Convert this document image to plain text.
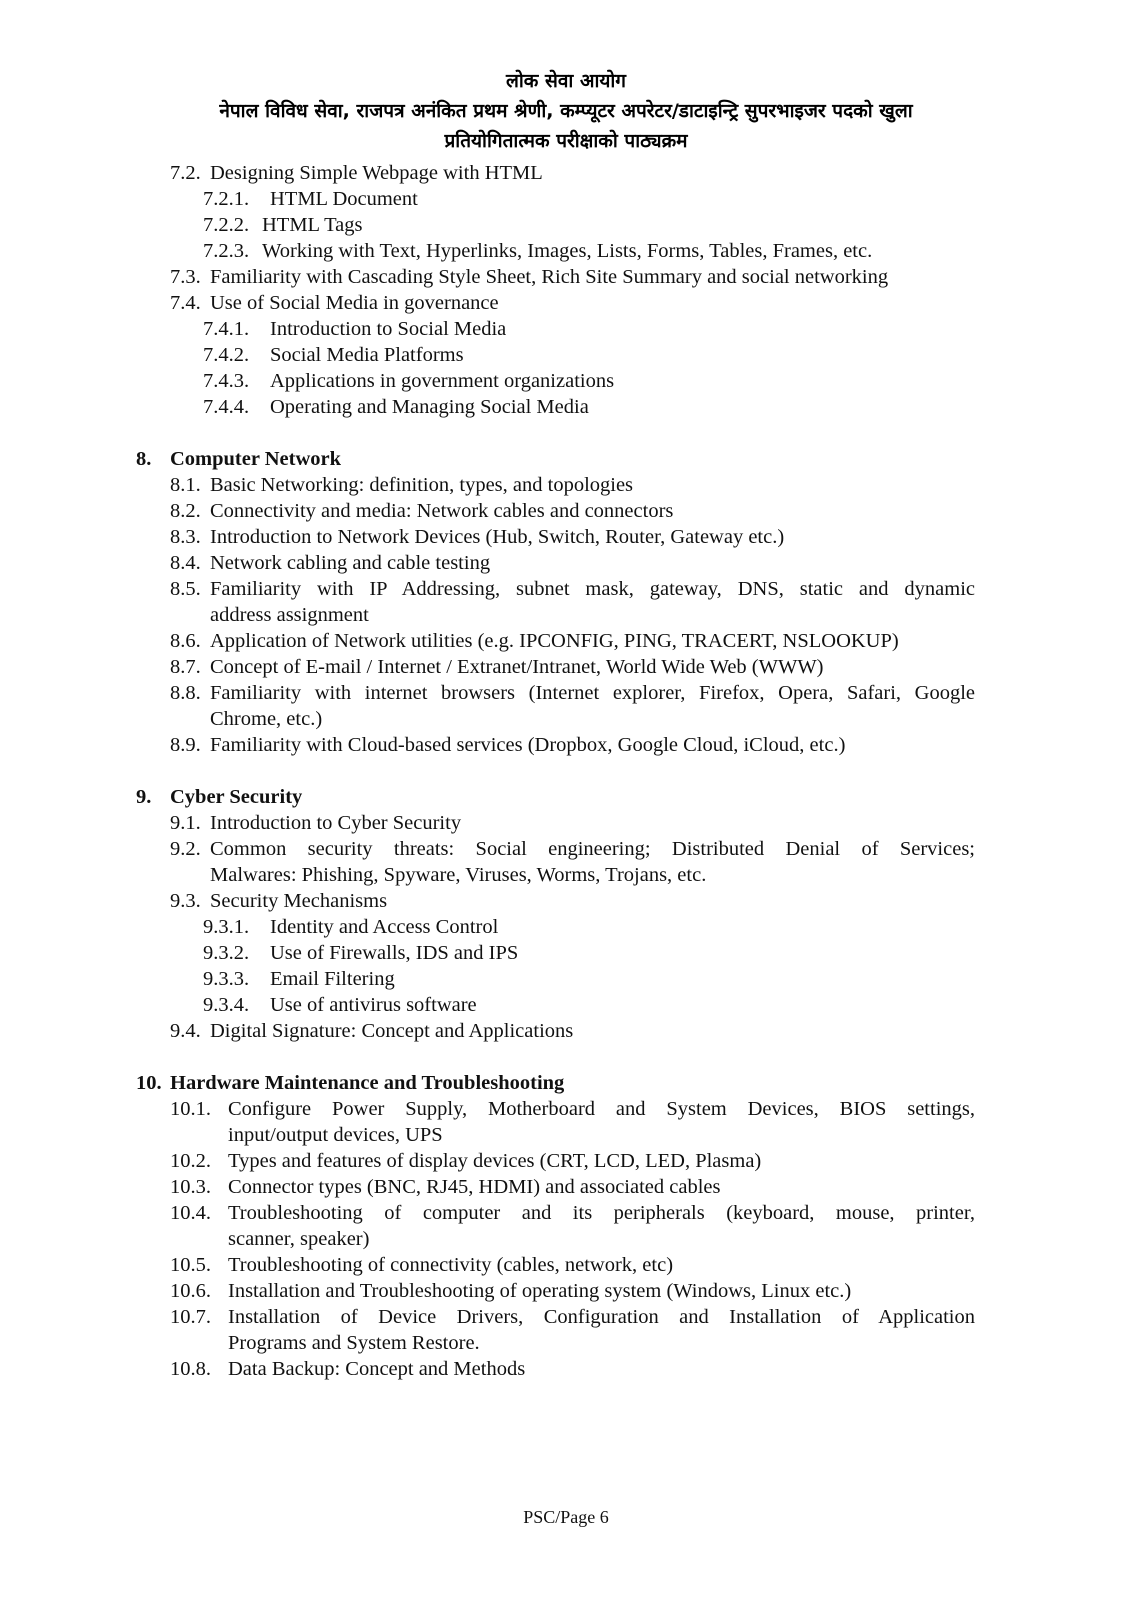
लोक सेवा आयोग
नेपाल विविध सेवा, राजपत्र अनंकित प्रथम श्रेणी, कम्प्यूटर अपरेटर/डाटाइन्ट्रि सुपरभाइजर पदको खुला
प्रतियोगितात्मक परीक्षाको पाठ्यक्रम
7.2. Designing Simple Webpage with HTML
7.2.1. HTML Document
7.2.2. HTML Tags
7.2.3. Working with Text, Hyperlinks, Images, Lists, Forms, Tables, Frames, etc.
7.3. Familiarity with Cascading Style Sheet, Rich Site Summary and social networking
7.4. Use of Social Media in governance
7.4.1. Introduction to Social Media
7.4.2. Social Media Platforms
7.4.3. Applications in government organizations
7.4.4. Operating and Managing Social Media
8. Computer Network
8.1. Basic Networking: definition, types, and topologies
8.2. Connectivity and media: Network cables and connectors
8.3. Introduction to Network Devices (Hub, Switch, Router, Gateway etc.)
8.4. Network cabling and cable testing
8.5. Familiarity with IP Addressing, subnet mask, gateway, DNS, static and dynamic
address assignment
8.6. Application of Network utilities (e.g. IPCONFIG, PING, TRACERT, NSLOOKUP)
8.7. Concept of E-mail / Internet / Extranet/Intranet, World Wide Web (WWW)
8.8. Familiarity with internet browsers (Internet explorer, Firefox, Opera, Safari, Google
Chrome, etc.)
8.9. Familiarity with Cloud-based services (Dropbox, Google Cloud, iCloud, etc.)
9. Cyber Security
9.1. Introduction to Cyber Security
9.2. Common security threats: Social engineering; Distributed Denial of Services;
Malwares: Phishing, Spyware, Viruses, Worms, Trojans, etc.
9.3. Security Mechanisms
9.3.1. Identity and Access Control
9.3.2. Use of Firewalls, IDS and IPS
9.3.3. Email Filtering
9.3.4. Use of antivirus software
9.4. Digital Signature: Concept and Applications
10. Hardware Maintenance and Troubleshooting
10.1. Configure Power Supply, Motherboard and System Devices, BIOS settings,
input/output devices, UPS
10.2. Types and features of display devices (CRT, LCD, LED, Plasma)
10.3. Connector types (BNC, RJ45, HDMI) and associated cables
10.4. Troubleshooting of computer and its peripherals (keyboard, mouse, printer,
scanner, speaker)
10.5. Troubleshooting of connectivity (cables, network, etc)
10.6. Installation and Troubleshooting of operating system (Windows, Linux etc.)
10.7. Installation of Device Drivers, Configuration and Installation of Application
Programs and System Restore.
10.8. Data Backup: Concept and Methods
PSC/Page 6
